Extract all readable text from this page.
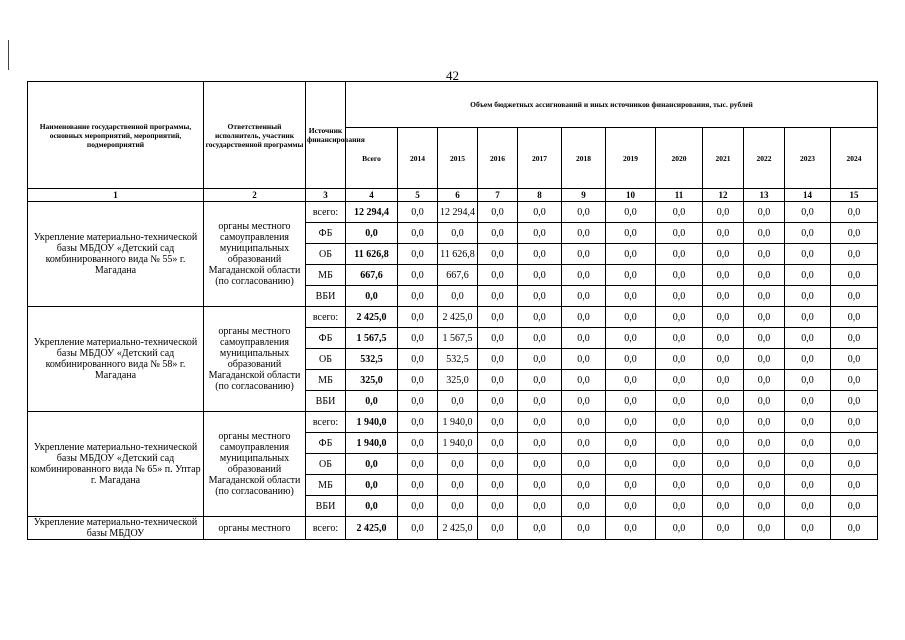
42
Наименование государственной программы, основных мероприятий, мероприятий, подмероприятий	Ответственный исполнитель, участник государственной программы	Источник финансирования	Объем бюджетных ассигнований и иных источников финансирования, тыс. рублей											
			Всего	2014	2015	2016	2017	2018	2019	2020	2021	2022	2023	2024
1	2	3	4	5	6	7	8	9	10	11	12	13	14	15
Укрепление материально-технической базы МБДОУ «Детский сад комбинированного вида № 55» г. Магадана	органы местного самоуправления муниципальных образований Магаданской области (по согласованию)	всего:	12 294,4	0,0	12 294,4	0,0	0,0	0,0	0,0	0,0	0,0	0,0	0,0	0,0
		ФБ	0,0	0,0	0,0	0,0	0,0	0,0	0,0	0,0	0,0	0,0	0,0	0,0
		ОБ	11 626,8	0,0	11 626,8	0,0	0,0	0,0	0,0	0,0	0,0	0,0	0,0	0,0
		МБ	667,6	0,0	667,6	0,0	0,0	0,0	0,0	0,0	0,0	0,0	0,0	0,0
		ВБИ	0,0	0,0	0,0	0,0	0,0	0,0	0,0	0,0	0,0	0,0	0,0	0,0
Укрепление материально-технической базы МБДОУ «Детский сад комбинированного вида № 58» г. Магадана	органы местного самоуправления муниципальных образований Магаданской области (по согласованию)	всего:	2 425,0	0,0	2 425,0	0,0	0,0	0,0	0,0	0,0	0,0	0,0	0,0	0,0
		ФБ	1 567,5	0,0	1 567,5	0,0	0,0	0,0	0,0	0,0	0,0	0,0	0,0	0,0
		ОБ	532,5	0,0	532,5	0,0	0,0	0,0	0,0	0,0	0,0	0,0	0,0	0,0
		МБ	325,0	0,0	325,0	0,0	0,0	0,0	0,0	0,0	0,0	0,0	0,0	0,0
		ВБИ	0,0	0,0	0,0	0,0	0,0	0,0	0,0	0,0	0,0	0,0	0,0	0,0
Укрепление материально-технической базы МБДОУ «Детский сад комбинированного вида № 65» п. Уптар г. Магадана	органы местного самоуправления муниципальных образований Магаданской области (по согласованию)	всего:	1 940,0	0,0	1 940,0	0,0	0,0	0,0	0,0	0,0	0,0	0,0	0,0	0,0
		ФБ	1 940,0	0,0	1 940,0	0,0	0,0	0,0	0,0	0,0	0,0	0,0	0,0	0,0
		ОБ	0,0	0,0	0,0	0,0	0,0	0,0	0,0	0,0	0,0	0,0	0,0	0,0
		МБ	0,0	0,0	0,0	0,0	0,0	0,0	0,0	0,0	0,0	0,0	0,0	0,0
		ВБИ	0,0	0,0	0,0	0,0	0,0	0,0	0,0	0,0	0,0	0,0	0,0	0,0
Укрепление материально-технической базы МБДОУ	органы местного	всего:	2 425,0	0,0	2 425,0	0,0	0,0	0,0	0,0	0,0	0,0	0,0	0,0	0,0
